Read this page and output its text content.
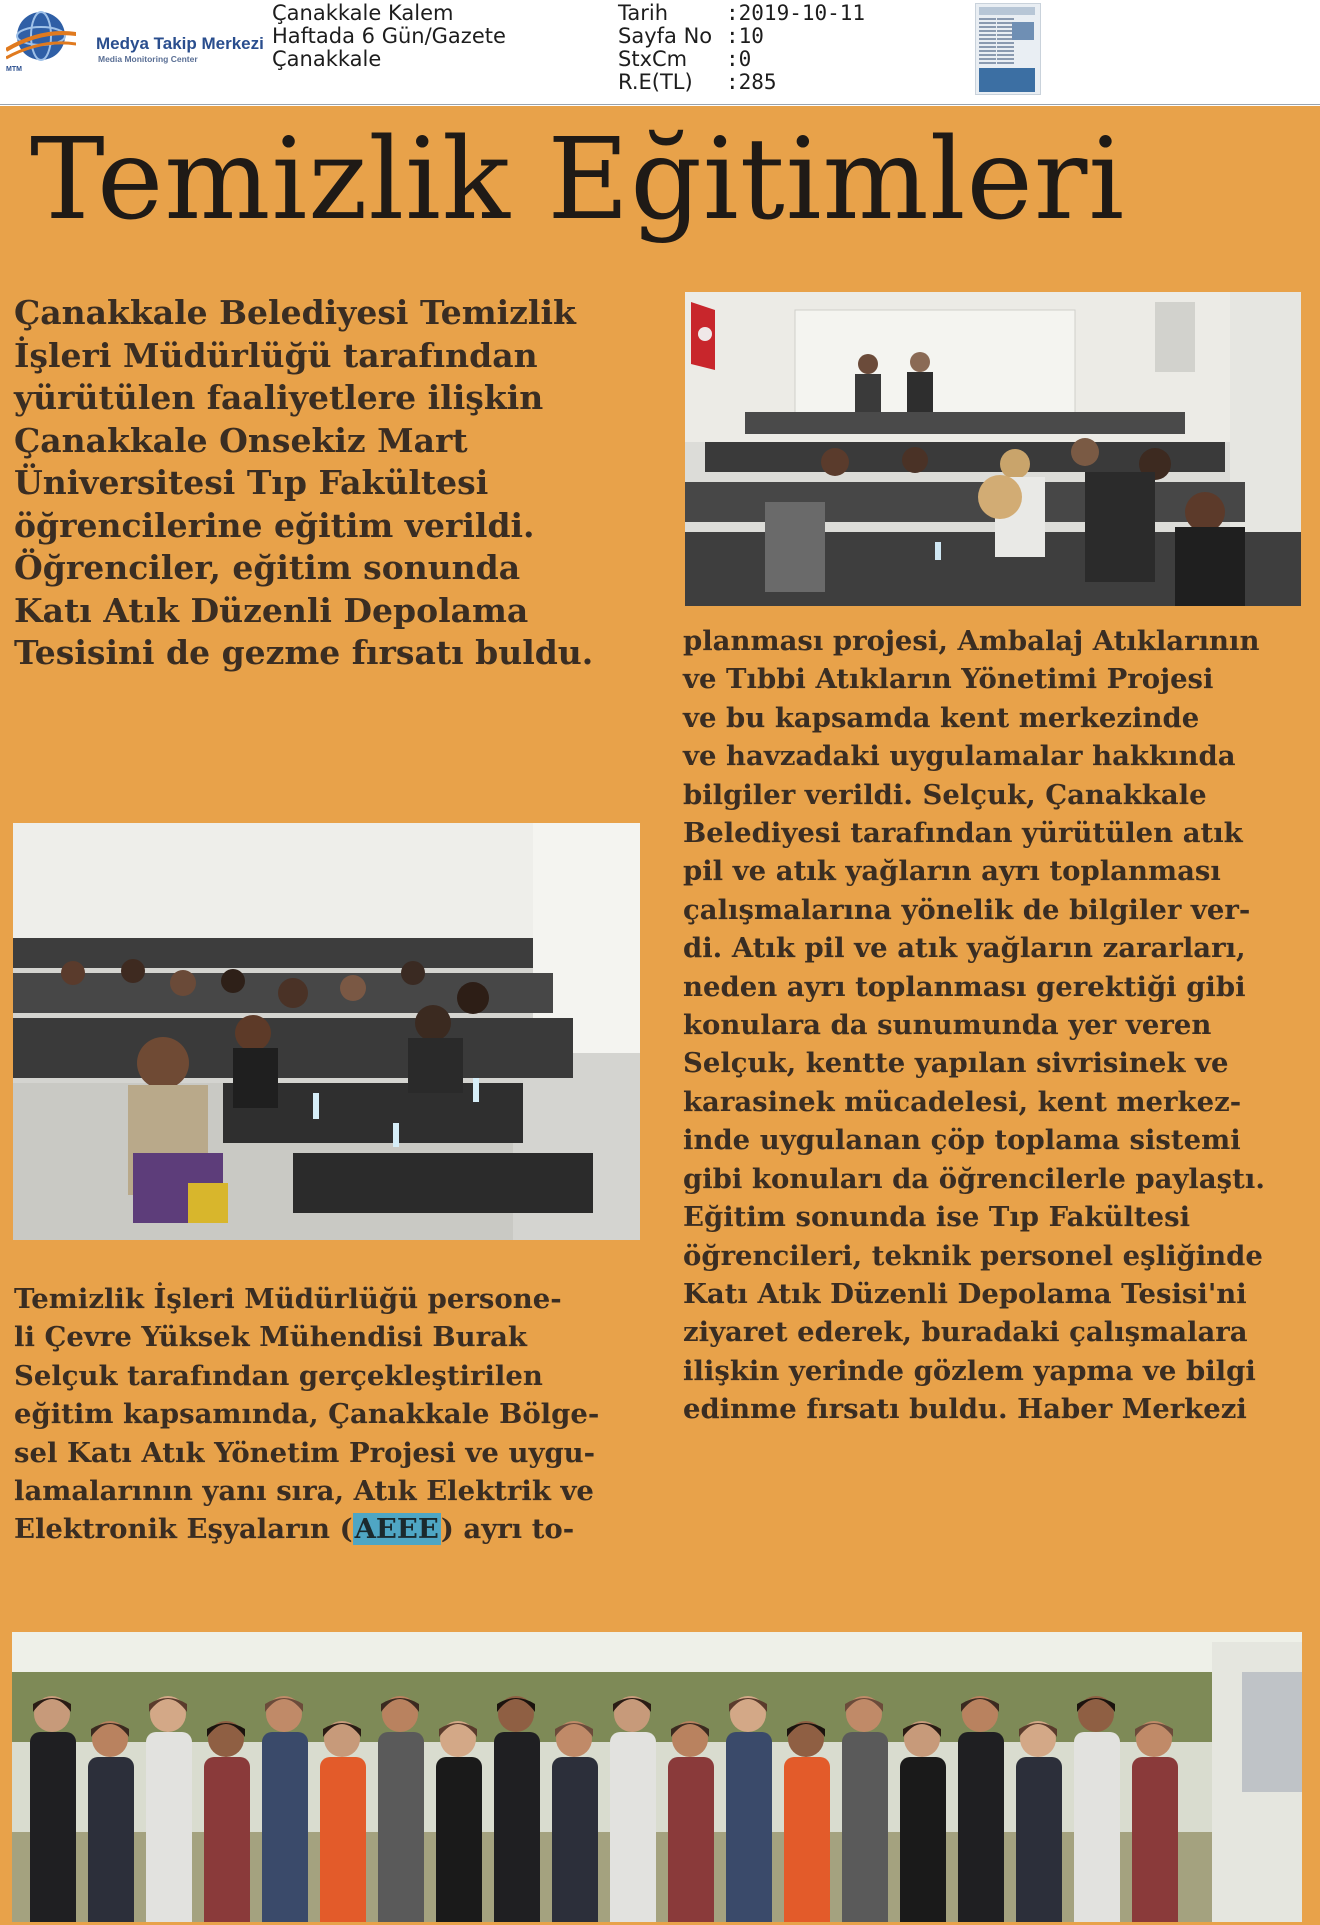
MTM
Medya Takip Merkezi
Media Monitoring Center
Çanakkale Kalem
Haftada 6 Gün/Gazete
Çanakkale
Tarih	:2019-10-11
Sayfa No :10
StxCm	:0
R.E(TL)	:285
Temizlik Eğitimleri
Çanakkale Belediyesi Temizlik
İşleri Müdürlüğü tarafından
yürütülen faaliyetlere ilişkin
Çanakkale Onsekiz Mart
Üniversitesi Tıp Fakültesi
öğrencilerine eğitim verildi.
Öğrenciler, eğitim sonunda
Katı Atık Düzenli Depolama
Tesisini de gezme fırsatı buldu.
Temizlik İşleri Müdürlüğü persone-
li Çevre Yüksek Mühendisi Burak
Selçuk tarafından gerçekleştirilen
eğitim kapsamında, Çanakkale Bölge-
sel Katı Atık Yönetim Projesi ve uygu-
lamalarının yanı sıra, Atık Elektrik ve
Elektronik Eşyaların (AEEE) ayrı to-
planması projesi, Ambalaj Atıklarının
ve Tıbbi Atıkların Yönetimi Projesi
ve bu kapsamda kent merkezinde
ve havzadaki uygulamalar hakkında
bilgiler verildi. Selçuk, Çanakkale
Belediyesi tarafından yürütülen atık
pil ve atık yağların ayrı toplanması
çalışmalarına yönelik de bilgiler ver-
di. Atık pil ve atık yağların zararları,
neden ayrı toplanması gerektiği gibi
konulara da sunumunda yer veren
Selçuk, kentte yapılan sivrisinek ve
karasinek mücadelesi, kent merkez-
inde uygulanan çöp toplama sistemi
gibi konuları da öğrencilerle paylaştı.
Eğitim sonunda ise Tıp Fakültesi
öğrencileri, teknik personel eşliğinde
Katı Atık Düzenli Depolama Tesisi'ni
ziyaret ederek, buradaki çalışmalara
ilişkin yerinde gözlem yapma ve bilgi
edinme fırsatı buldu. Haber Merkezi
